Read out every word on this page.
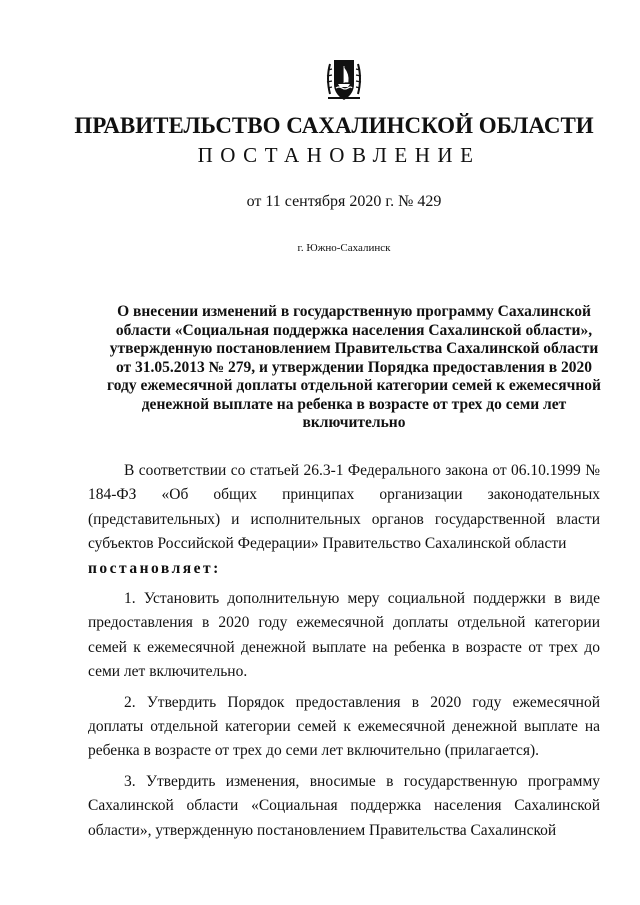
ПРАВИТЕЛЬСТВО САХАЛИНСКОЙ ОБЛАСТИ
ПОСТАНОВЛЕНИЕ
от 11 сентября 2020 г. № 429
г. Южно-Сахалинск
О внесении изменений в государственную программу Сахалинской области «Социальная поддержка населения Сахалинской области», утвержденную постановлением Правительства Сахалинской области от 31.05.2013 № 279, и утверждении Порядка предоставления в 2020 году ежемесячной доплаты отдельной категории семей к ежемесячной денежной выплате на ребенка в возрасте от трех до семи лет включительно

В соответствии со статьей 26.3-1 Федерального закона от 06.10.1999 № 184-ФЗ «Об общих принципах организации законодательных (представительных) и исполнительных органов государственной власти субъектов Российской Федерации» Правительство Сахалинской области

постановляет:

1. Установить дополнительную меру социальной поддержки в виде предоставления в 2020 году ежемесячной доплаты отдельной категории семей к ежемесячной денежной выплате на ребенка в возрасте от трех до семи лет включительно.

2. Утвердить Порядок предоставления в 2020 году ежемесячной доплаты отдельной категории семей к ежемесячной денежной выплате на ребенка в возрасте от трех до семи лет включительно (прилагается).

3. Утвердить изменения, вносимые в государственную программу Сахалинской области «Социальная поддержка населения Сахалинской области», утвержденную постановлением Правительства Сахалинской
